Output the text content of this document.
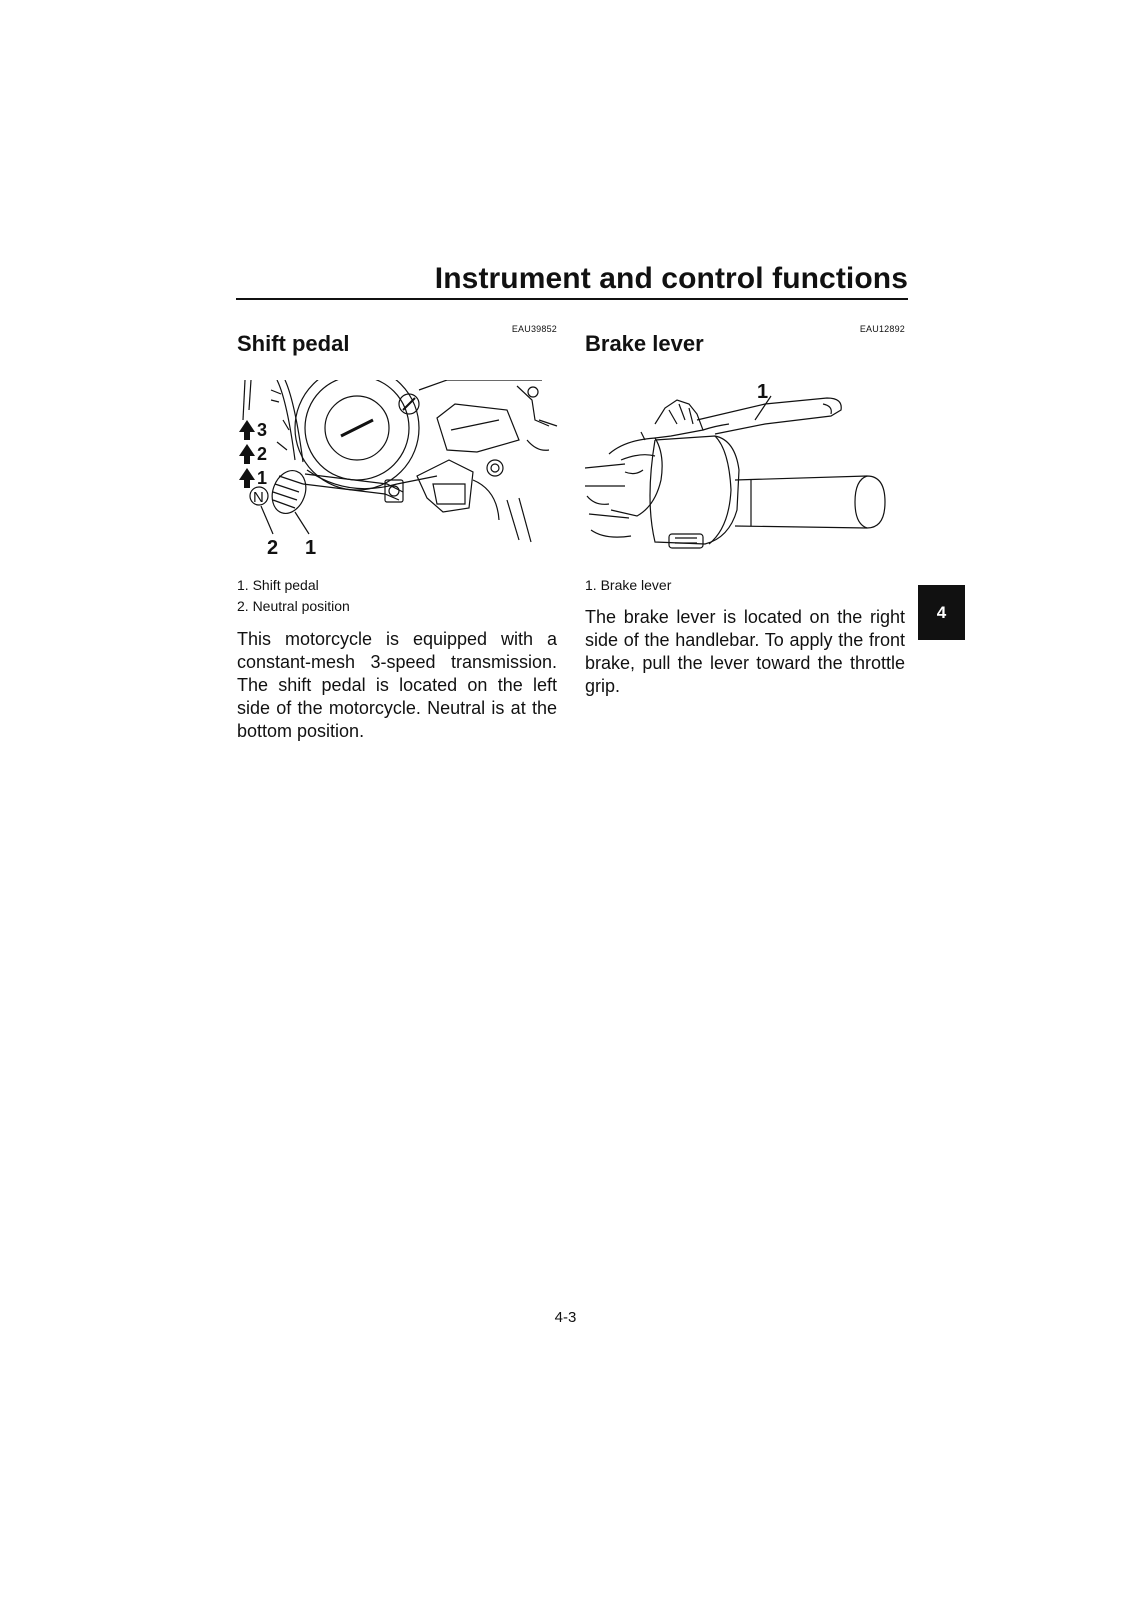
Instrument and control functions
EAU39852
Shift pedal
3
2
1
N
2 1
1. Shift pedal
2. Neutral position
This motorcycle is equipped with a constant-mesh 3-speed transmission. The shift pedal is located on the left side of the motorcycle. Neutral is at the bottom position.
EAU12892
Brake lever
1
1. Brake lever
The brake lever is located on the right side of the handlebar. To apply the front brake, pull the lever toward the throttle grip.
4
4-3
